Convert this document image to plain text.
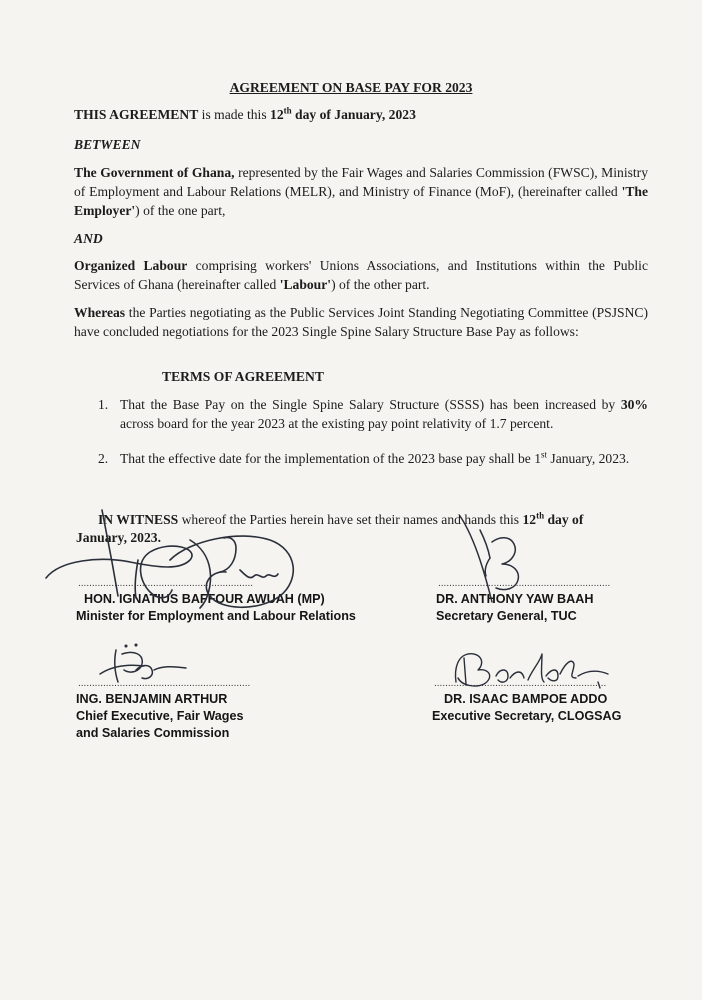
AGREEMENT ON BASE PAY FOR 2023
THIS AGREEMENT is made this 12th day of January, 2023
BETWEEN
The Government of Ghana, represented by the Fair Wages and Salaries Commission (FWSC), Ministry of Employment and Labour Relations (MELR), and Ministry of Finance (MoF), (hereinafter called 'The Employer') of the one part,
AND
Organized Labour comprising workers' Unions Associations, and Institutions within the Public Services of Ghana (hereinafter called 'Labour') of the other part.
Whereas the Parties negotiating as the Public Services Joint Standing Negotiating Committee (PSJSNC) have concluded negotiations for the 2023 Single Spine Salary Structure Base Pay as follows:
TERMS OF AGREEMENT
1. That the Base Pay on the Single Spine Salary Structure (SSSS) has been increased by 30% across board for the year 2023 at the existing pay point relativity of 1.7 percent.
2. That the effective date for the implementation of the 2023 base pay shall be 1st January, 2023.
IN WITNESS whereof the Parties herein have set their names and hands this 12th day of
January, 2023.
...............................................................
HON. IGNATIUS BAFFOUR AWUAH (MP)
Minister for Employment and Labour Relations
..............................................................
DR. ANTHONY YAW BAAH
Secretary General, TUC
..............................................................
ING. BENJAMIN ARTHUR
Chief Executive, Fair Wages
and Salaries Commission
..............................................................
DR. ISAAC BAMPOE ADDO
Executive Secretary, CLOGSAG
